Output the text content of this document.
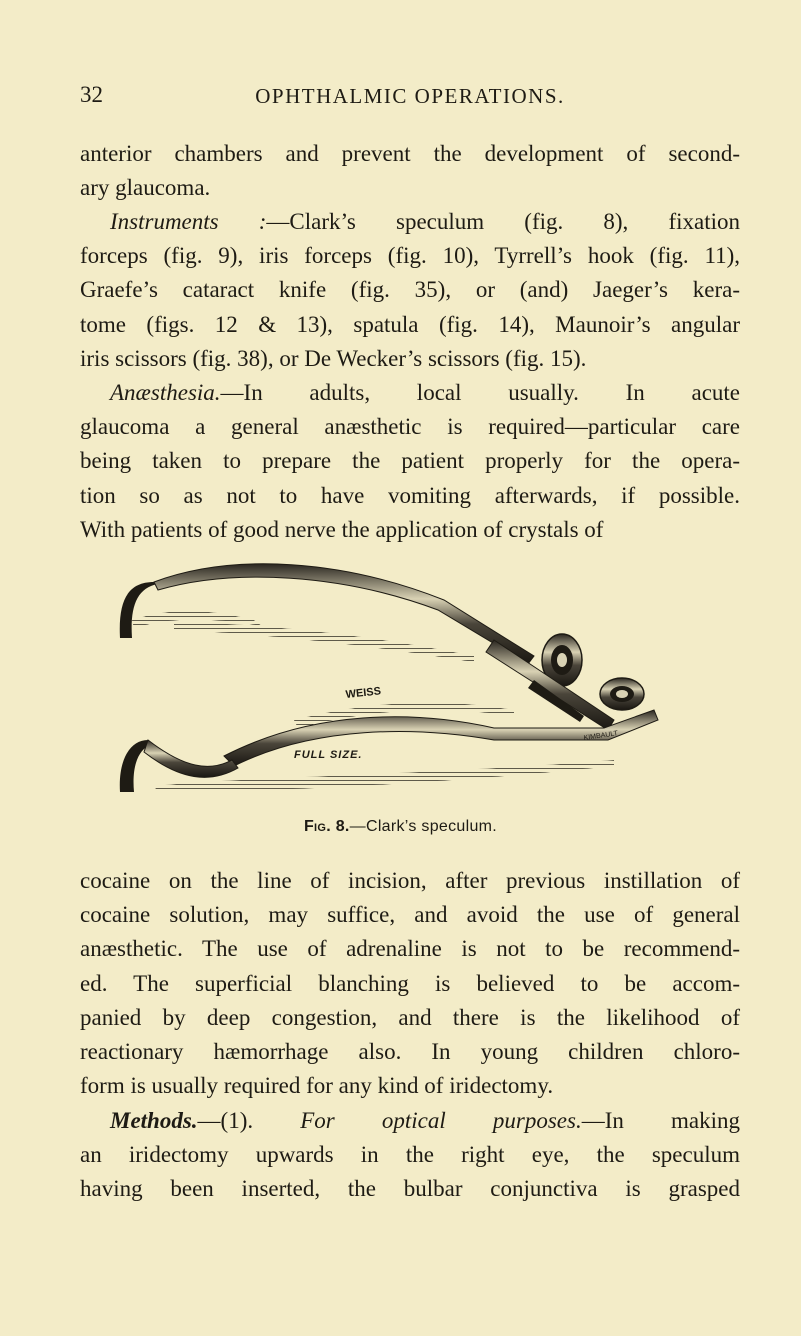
32	OPHTHALMIC OPERATIONS.
anterior chambers and prevent the development of second-
ary glaucoma.
Instruments :—Clark’s speculum (fig. 8), fixation
forceps (fig. 9), iris forceps (fig. 10), Tyrrell’s hook (fig. 11),
Graefe’s cataract knife (fig. 35), or (and) Jaeger’s kera-
tome (figs. 12 & 13), spatula (fig. 14), Maunoir’s angular
iris scissors (fig. 38), or De Wecker’s scissors (fig. 15).
Anæsthesia.—In adults, local usually. In acute
glaucoma a general anæsthetic is required—particular care
being taken to prepare the patient properly for the opera-
tion so as not to have vomiting afterwards, if possible.
With patients of good nerve the application of crystals of
WEISS
FULL SIZE.
KIMBAULT
Fig. 8.—Clark’s speculum.
cocaine on the line of incision, after previous instillation of
cocaine solution, may suffice, and avoid the use of general
anæsthetic. The use of adrenaline is not to be recommend-
ed. The superficial blanching is believed to be accom-
panied by deep congestion, and there is the likelihood of
reactionary hæmorrhage also. In young children chloro-
form is usually required for any kind of iridectomy.
Methods.—(1). For optical purposes.—In making
an iridectomy upwards in the right eye, the speculum
having been inserted, the bulbar conjunctiva is grasped
